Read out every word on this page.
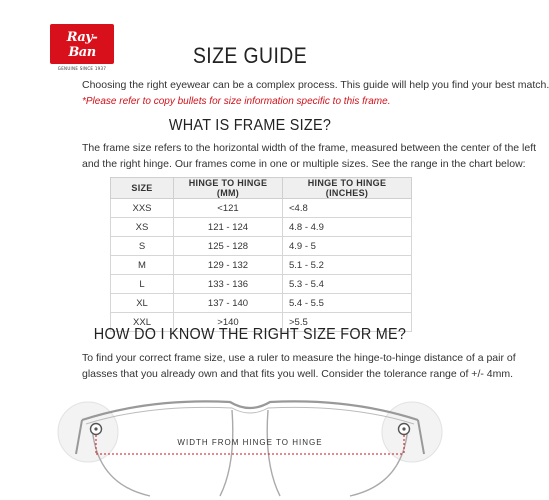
Ray-Ban
GENUINE SINCE 1937
SIZE GUIDE
Choosing the right eyewear can be a complex process. This guide will help you find your best match.
*Please refer to copy bullets for size information specific to this frame.
WHAT IS FRAME SIZE?
The frame size refers to the horizontal width of the frame, measured between the center of the left
and the right hinge. Our frames come in one or multiple sizes. See the range in the chart below:
SIZE	HINGE TO HINGE (MM)	HINGE TO HINGE (INCHES)
XXS	<121	<4.8
XS	121 - 124	4.8 - 4.9
S	125 - 128	4.9 - 5
M	129 - 132	5.1 - 5.2
L	133 - 136	5.3 - 5.4
XL	137 - 140	5.4 - 5.5
XXL	>140	>5.5
HOW DO I KNOW THE RIGHT SIZE FOR ME?
To find your correct frame size, use a ruler to measure the hinge-to-hinge distance of a pair of
glasses that you already own and that fits you well. Consider the tolerance range of +/- 4mm.
WIDTH FROM HINGE TO HINGE
